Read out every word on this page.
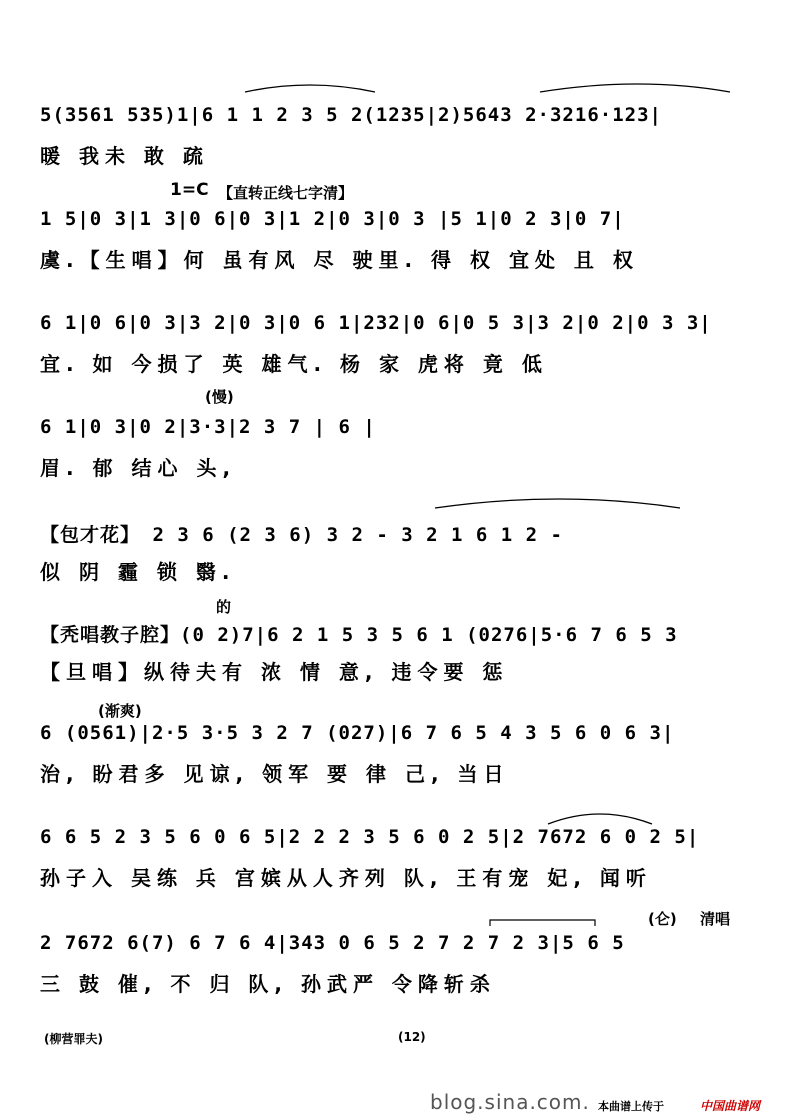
5(3561 535)1|6 1 1 2 3 5 2(1235|2)5643 2·3216·123|
暖 我未 敢 疏
1=C 【直转正线七字清】
1 5|0 3|1 3|0 6|0 3|1 2|0 3|0 3 |5 1|0 2 3|0 7|
虞.【生唱】何 虽有风 尽 驶里. 得 权 宜处 且 权
6 1|0 6|0 3|3 2|0 3|0 6 1|232|0 6|0 5 3|3 2|0 2|0 3 3|
宜. 如 今损了 英 雄气. 杨 家 虎将 竟 低
(慢)
6 1|0 3|0 2|3·3|2 3 7 | 6 |
眉. 郁 结心 头,
【包才花】 2 3 6 (2 3 6) 3 2 - 3 2 1 6 1 2 -
似 阴 霾 锁 翳.
的
【秃唱教子腔】(0 2)7|6 2 1 5 3 5 6 1 (0276|5·6 7 6 5 3
【旦唱】纵待夫有 浓 情 意, 违令要 惩
(渐爽)
6 (0561)|2·5 3·5 3 2 7 (027)|6 7 6 5 4 3 5 6 0 6 3|
治, 盼君多 见谅, 领军 要 律 己, 当日
6 6 5 2 3 5 6 0 6 5|2 2 2 3 5 6 0 2 5|2 7672 6 0 2 5|
孙子入 吴练 兵 宫嫔从人齐列 队, 王有宠 妃, 闻听
(仑) 清唱
2 7672 6(7) 6 7 6 4|343 0 6 5 2 7 2 7 2 3|5 6 5
三 鼓 催, 不 归 队, 孙武严 令降斩杀
(柳营罪夫)	(12)
blog.sina.com. 本曲谱上传于	中国曲谱网
